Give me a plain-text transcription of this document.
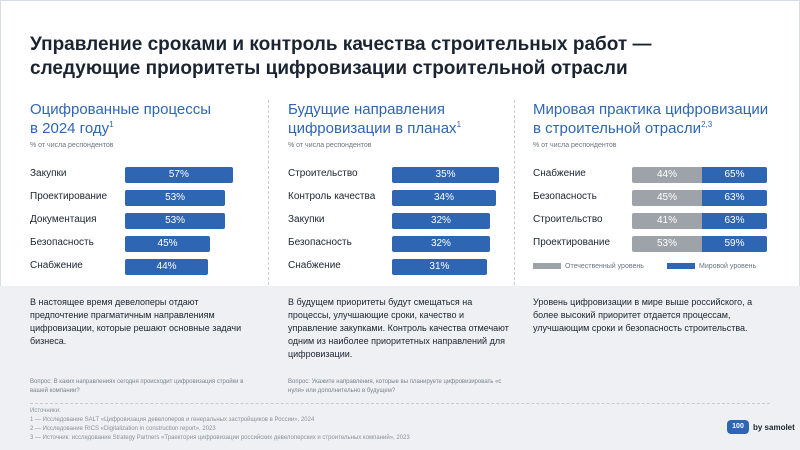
Управление сроками и контроль качества строительных работ —
следующие приоритеты цифровизации строительной отрасли
Оцифрованные процессы
в 2024 году$^1$
% от числа респондентов
Закупки	57%
Проектирование	53%
Документация	53%
Безопасность	45%
Снабжение	44%
Будущие направления
цифровизации в планах$^1$
% от числа респондентов
Строительство	35%
Контроль качества	34%
Закупки	32%
Безопасность	32%
Снабжение	31%
Мировая практика цифровизации
в строительной отрасли$^{2,3}$
% от числа респондентов
Снабжение	44%	65%
Безопасность	45%	63%
Строительство	41%	63%
Проектирование	53%	59%
Отечественный уровень	Мировой уровень
В настоящее время девелоперы отдают предпочтение прагматичным направлениям цифровизации, которые решают основные задачи бизнеса.
В будущем приоритеты будут смещаться на процессы, улучшающие сроки, качество и управление закупками. Контроль качества отмечают одним из наиболее приоритетных направлений для цифровизации.
Уровень цифровизации в мире выше российского, а более высокий приоритет отдается процессам, улучшающим сроки и безопасность строительства.
Вопрос: В каких направлениях сегодня происходит цифровизация стройки в вашей компании?
Вопрос: Укажите направления, которые вы планируете цифровизировать «с нуля» или дополнительно в будущем?
Источники:
1 — Исследование SALT «Цифровизация девелоперов и генеральных застройщиков в России», 2024
2 — Исследование RICS «Digitalization in construction report», 2023
3 — Источник: исследование Strategy Partners «Траектория цифровизации российских девелоперских и строительных компаний», 2023
100	by samolet
